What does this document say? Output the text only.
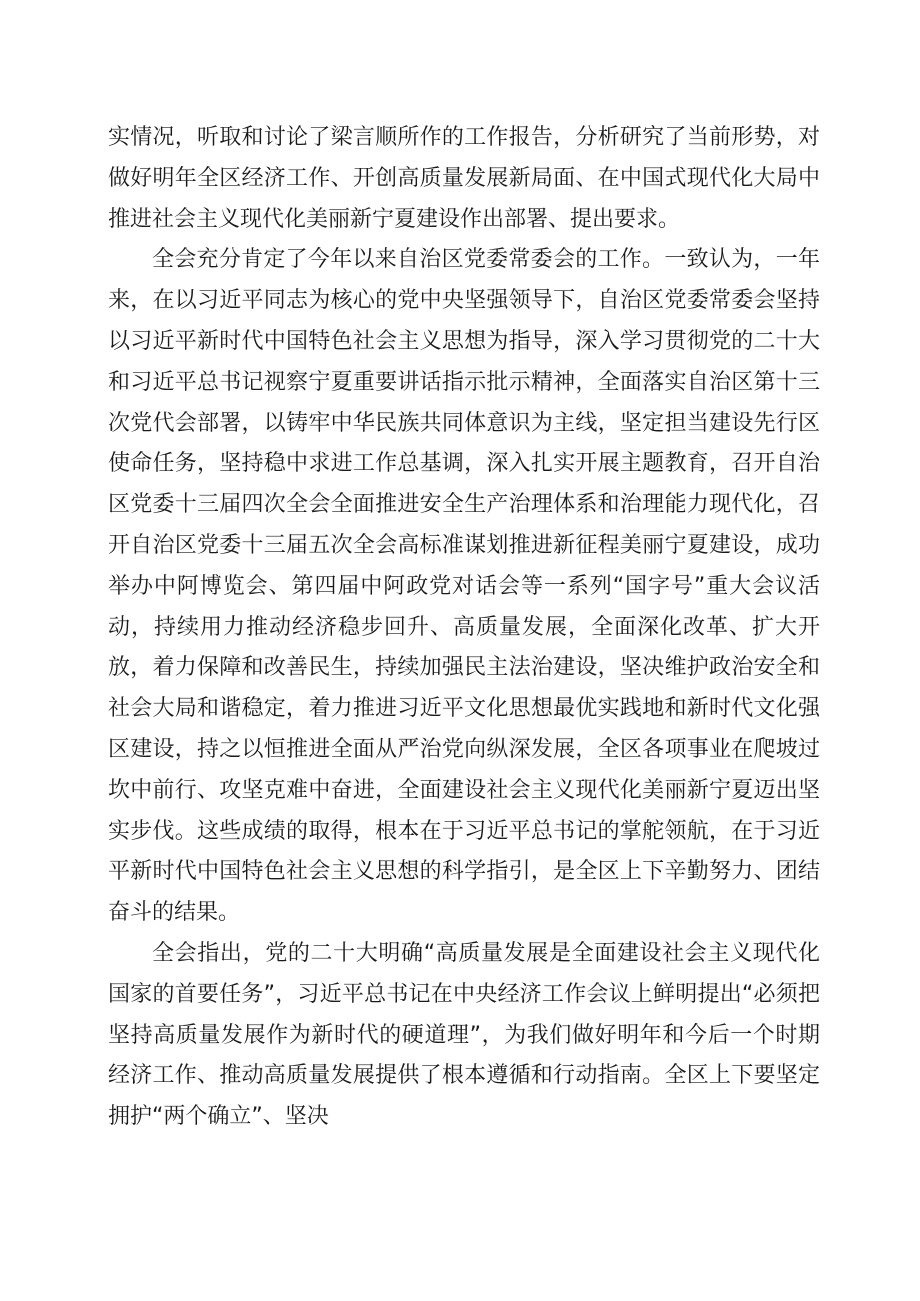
实情况，听取和讨论了梁言顺所作的工作报告，分析研究了当前形势，对做好明年全区经济工作、开创高质量发展新局面、在中国式现代化大局中推进社会主义现代化美丽新宁夏建设作出部署、提出要求。

全会充分肯定了今年以来自治区党委常委会的工作。一致认为，一年来，在以习近平同志为核心的党中央坚强领导下，自治区党委常委会坚持以习近平新时代中国特色社会主义思想为指导，深入学习贯彻党的二十大和习近平总书记视察宁夏重要讲话指示批示精神，全面落实自治区第十三次党代会部署，以铸牢中华民族共同体意识为主线，坚定担当建设先行区使命任务，坚持稳中求进工作总基调，深入扎实开展主题教育，召开自治区党委十三届四次全会全面推进安全生产治理体系和治理能力现代化，召开自治区党委十三届五次全会高标准谋划推进新征程美丽宁夏建设，成功举办中阿博览会、第四届中阿政党对话会等一系列“国字号”重大会议活动，持续用力推动经济稳步回升、高质量发展，全面深化改革、扩大开放，着力保障和改善民生，持续加强民主法治建设，坚决维护政治安全和社会大局和谐稳定，着力推进习近平文化思想最优实践地和新时代文化强区建设，持之以恒推进全面从严治党向纵深发展，全区各项事业在爬坡过坎中前行、攻坚克难中奋进，全面建设社会主义现代化美丽新宁夏迈出坚实步伐。这些成绩的取得，根本在于习近平总书记的掌舵领航，在于习近平新时代中国特色社会主义思想的科学指引，是全区上下辛勤努力、团结奋斗的结果。

全会指出，党的二十大明确“高质量发展是全面建设社会主义现代化国家的首要任务”，习近平总书记在中央经济工作会议上鲜明提出“必须把坚持高质量发展作为新时代的硬道理”，为我们做好明年和今后一个时期经济工作、推动高质量发展提供了根本遵循和行动指南。全区上下要坚定拥护“两个确立”、坚决
